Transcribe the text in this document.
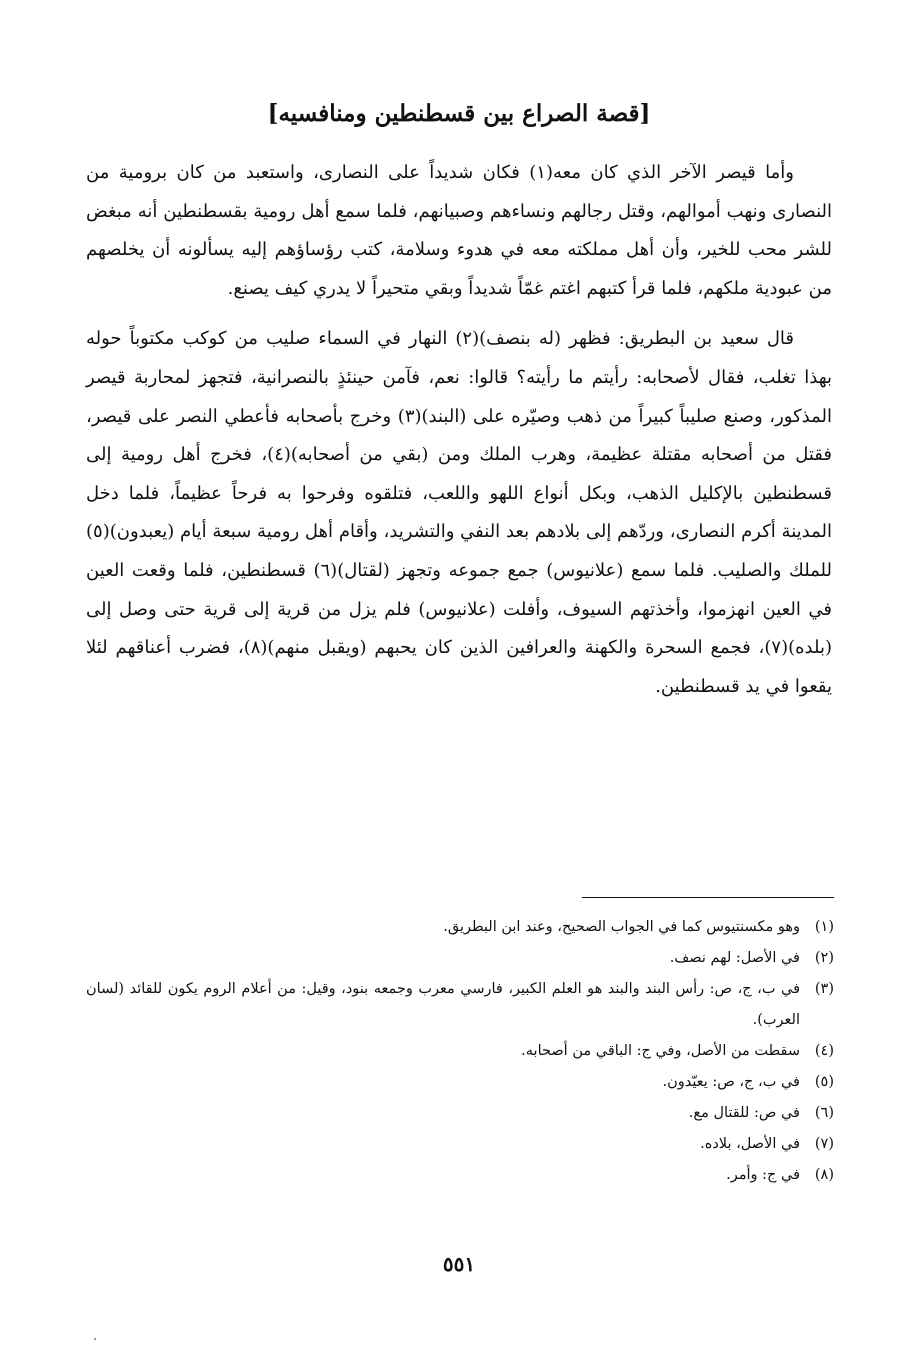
[قصة الصراع بين قسطنطين ومنافسيه]

وأما قيصر الآخر الذي كان معه(١) فكان شديداً على النصارى، واستعبد من كان برومية من النصارى ونهب أموالهم، وقتل رجالهم ونساءهم وصبيانهم، فلما سمع أهل رومية بقسطنطين أنه مبغض للشر محب للخير، وأن أهل مملكته معه في هدوء وسلامة، كتب رؤساؤهم إليه يسألونه أن يخلصهم من عبودية ملكهم، فلما قرأ كتبهم اغتم غمّاً شديداً وبقي متحيراً لا يدري كيف يصنع.

قال سعيد بن البطريق: فظهر (له بنصف)(٢) النهار في السماء صليب من كوكب مكتوباً حوله بهذا تغلب، فقال لأصحابه: رأيتم ما رأيته؟ قالوا: نعم، فآمن حينئذٍ بالنصرانية، فتجهز لمحاربة قيصر المذكور، وصنع صليباً كبيراً من ذهب وصيّره على (البند)(٣) وخرج بأصحابه فأعطي النصر على قيصر، فقتل من أصحابه مقتلة عظيمة، وهرب الملك ومن (بقي من أصحابه)(٤)، فخرج أهل رومية إلى قسطنطين بالإكليل الذهب، وبكل أنواع اللهو واللعب، فتلقوه وفرحوا به فرحاً عظيماً، فلما دخل المدينة أكرم النصارى، وردّهم إلى بلادهم بعد النفي والتشريد، وأقام أهل رومية سبعة أيام (يعبدون)(٥) للملك والصليب. فلما سمع (علانيوس) جمع جموعه وتجهز (لقتال)(٦) قسطنطين، فلما وقعت العين في العين انهزموا، وأخذتهم السيوف، وأفلت (علانيوس) فلم يزل من قرية إلى قرية حتى وصل إلى (بلده)(٧)، فجمع السحرة والكهنة والعرافين الذين كان يحبهم (ويقبل منهم)(٨)، فضرب أعناقهم لئلا يقعوا في يد قسطنطين.

(١)
وهو مكسنتيوس كما في الجواب الصحيح، وعند ابن البطريق.
(٢)
في الأصل: لهم نصف.
(٣)
في ب، ج، ص: رأس البند والبند هو العلم الكبير، فارسي معرب وجمعه بنود، وقيل: من أعلام الروم يكون للقائد (لسان العرب).
(٤)
سقطت من الأصل، وفي ج: الباقي من أصحابه.
(٥)
في ب، ج، ص: يعيّدون.
(٦)
في ص: للقتال مع.
(٧)
في الأصل، بلاده.
(٨)
في ج: وأمر.
٥٥١
